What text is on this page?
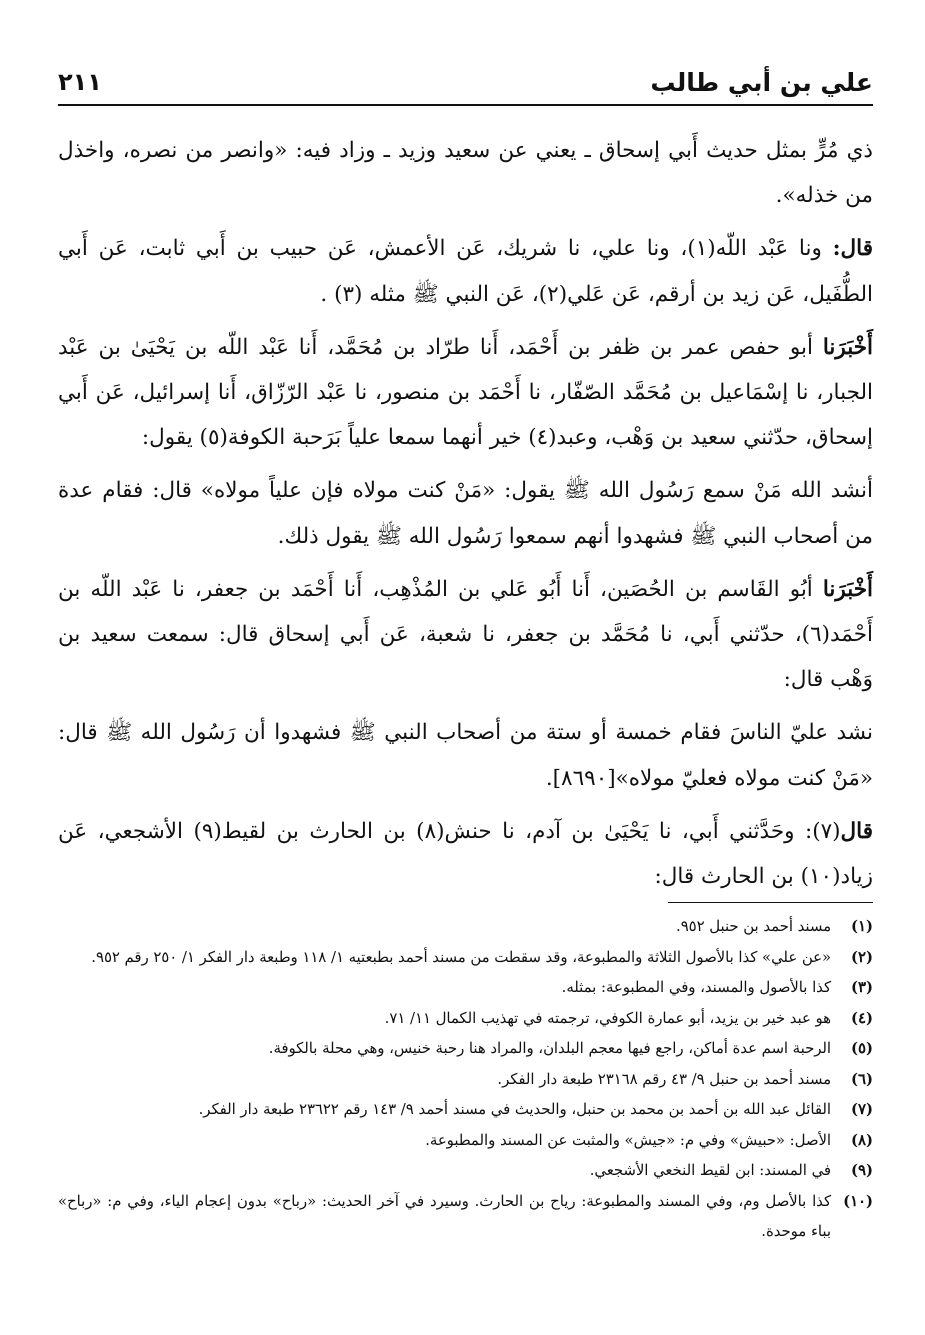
علي بن أبي طالب
٢١١

ذي مُرٍّ بمثل حديث أَبي إسحاق ـ يعني عن سعيد وزيد ـ وزاد فيه: «وانصر من نصره، واخذل من خذله».

قال: ونا عَبْد اللّه(١)، ونا علي، نا شريك، عَن الأعمش، عَن حبيب بن أَبي ثابت، عَن أَبي الطُّفَيل، عَن زيد بن أرقم، عَن عَلي(٢)، عَن النبي ﷺ مثله (٣) .

أَخْبَرَنا أبو حفص عمر بن ظفر بن أَحْمَد، أَنا طرّاد بن مُحَمَّد، أَنا عَبْد اللّه بن يَحْيَىٰ بن عَبْد الجبار، نا إسْمَاعيل بن مُحَمَّد الصّفّار، نا أَحْمَد بن منصور، نا عَبْد الرّزّاق، أَنا إسرائيل، عَن أَبي إسحاق، حدّثني سعيد بن وَهْب، وعبد(٤) خير أنهما سمعا علياً بَرَحبة الكوفة(٥) يقول:

أنشد الله مَنْ سمع رَسُول الله ﷺ يقول: «مَنْ كنت مولاه فإن علياً مولاه» قال: فقام عدة من أصحاب النبي ﷺ فشهدوا أنهم سمعوا رَسُول الله ﷺ يقول ذلك.

أَخْبَرَنا أبُو القَاسم بن الحُصَين، أَنا أَبُو عَلي بن المُذْهِب، أَنا أَحْمَد بن جعفر، نا عَبْد اللّه بن أَحْمَد(٦)، حدّثني أَبي، نا مُحَمَّد بن جعفر، نا شعبة، عَن أَبي إسحاق قال: سمعت سعيد بن وَهْب قال:

نشد عليّ الناسَ فقام خمسة أو ستة من أصحاب النبي ﷺ فشهدوا أن رَسُول الله ﷺ قال: «مَنْ كنت مولاه فعليّ مولاه»[٨٦٩٠].

قال(٧): وحَدَّثني أَبي، نا يَحْيَىٰ بن آدم، نا حنش(٨) بن الحارث بن لقيط(٩) الأشجعي، عَن زياد(١٠) بن الحارث قال:

(١)
مسند أحمد بن حنبل ٩٥٢.
(٢)
«عن علي» كذا بالأصول الثلاثة والمطبوعة، وقد سقطت من مسند أحمد بطبعتيه ١/ ١١٨ وطبعة دار الفكر ١/ ٢٥٠ رقم ٩٥٢.
(٣)
كذا بالأصول والمسند، وفي المطبوعة: بمثله.
(٤)
هو عبد خير بن يزيد، أبو عمارة الكوفي، ترجمته في تهذيب الكمال ١١/ ٧١.
(٥)
الرحبة اسم عدة أماكن، راجع فيها معجم البلدان، والمراد هنا رحبة خنيس، وهي محلة بالكوفة.
(٦)
مسند أحمد بن حنبل ٩/ ٤٣ رقم ٢٣١٦٨ طبعة دار الفكر.
(٧)
القائل عبد الله بن أحمد بن محمد بن حنبل، والحديث في مسند أحمد ٩/ ١٤٣ رقم ٢٣٦٢٢ طبعة دار الفكر.
(٨)
الأصل: «حبيش» وفي م: «جيش» والمثبت عن المسند والمطبوعة.
(٩)
في المسند: ابن لقيط النخعي الأشجعي.
(١٠)
كذا بالأصل وم، وفي المسند والمطبوعة: رياح بن الحارث. وسيرد في آخر الحديث: «رباح» بدون إعجام الياء، وفي م: «رباح» بباء موحدة.
